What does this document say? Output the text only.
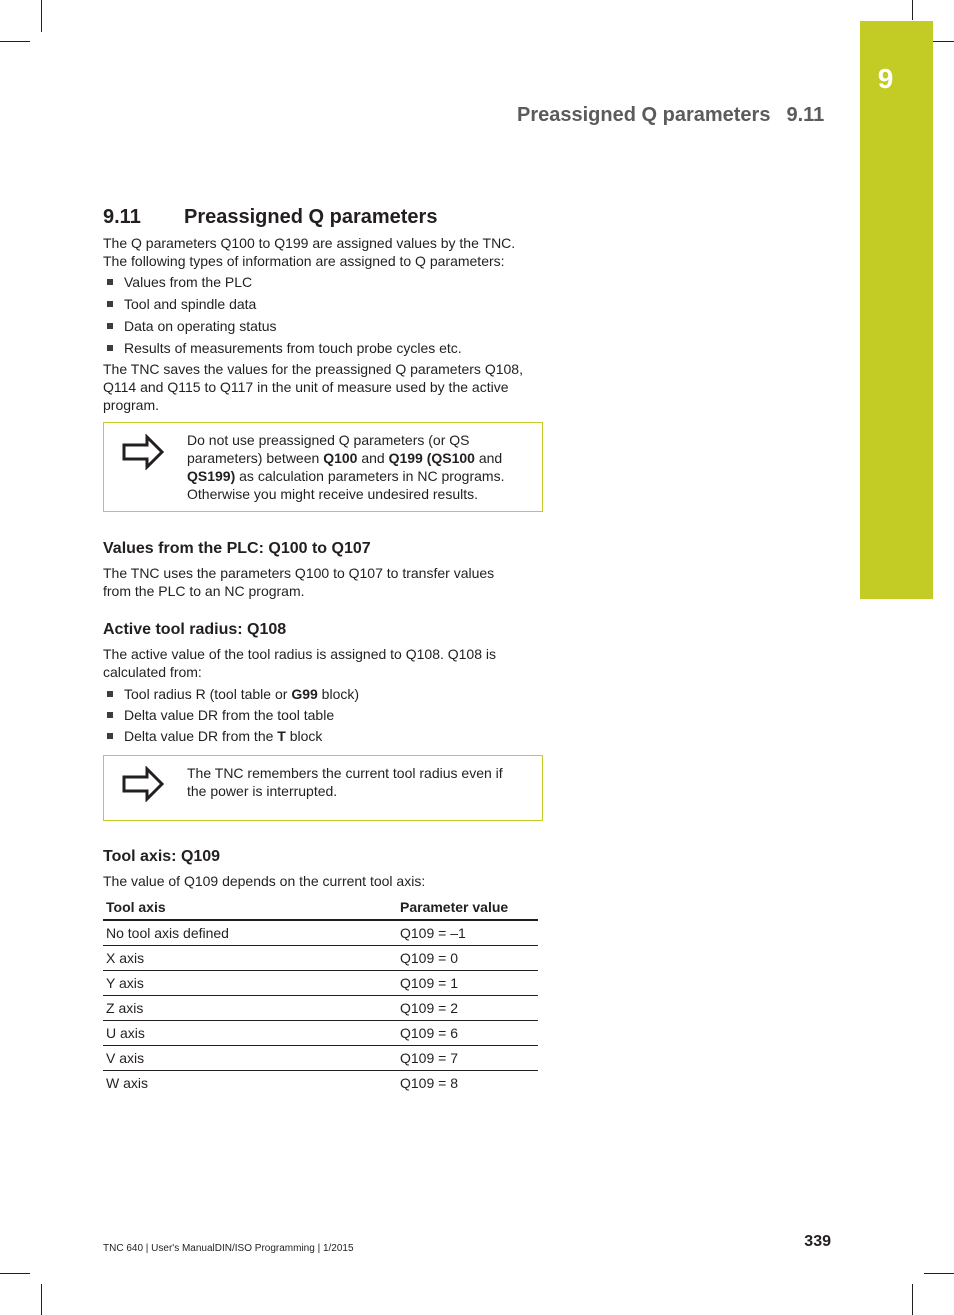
9
Preassigned Q parameters 9.11
9.11 Preassigned Q parameters

The Q parameters Q100 to Q199 are assigned values by the TNC. The following types of information are assigned to Q parameters:

Values from the PLC
Tool and spindle data
Data on operating status
Results of measurements from touch probe cycles etc.

The TNC saves the values for the preassigned Q parameters Q108, Q114 and Q115 to Q117 in the unit of measure used by the active program.

Do not use preassigned Q parameters (or QS parameters) between Q100 and Q199 (QS100 and QS199) as calculation parameters in NC programs. Otherwise you might receive undesired results.
Values from the PLC: Q100 to Q107

The TNC uses the parameters Q100 to Q107 to transfer values from the PLC to an NC program.

Active tool radius: Q108

The active value of the tool radius is assigned to Q108. Q108 is calculated from:

Tool radius R (tool table or G99 block)
Delta value DR from the tool table
Delta value DR from the T block
The TNC remembers the current tool radius even if the power is interrupted.
Tool axis: Q109

The value of Q109 depends on the current tool axis:

Tool axis	Parameter value
No tool axis defined	Q109 = –1
X axis	Q109 = 0
Y axis	Q109 = 1
Z axis	Q109 = 2
U axis	Q109 = 6
V axis	Q109 = 7
W axis	Q109 = 8
TNC 640 | User's ManualDIN/ISO Programming | 1/2015	339
